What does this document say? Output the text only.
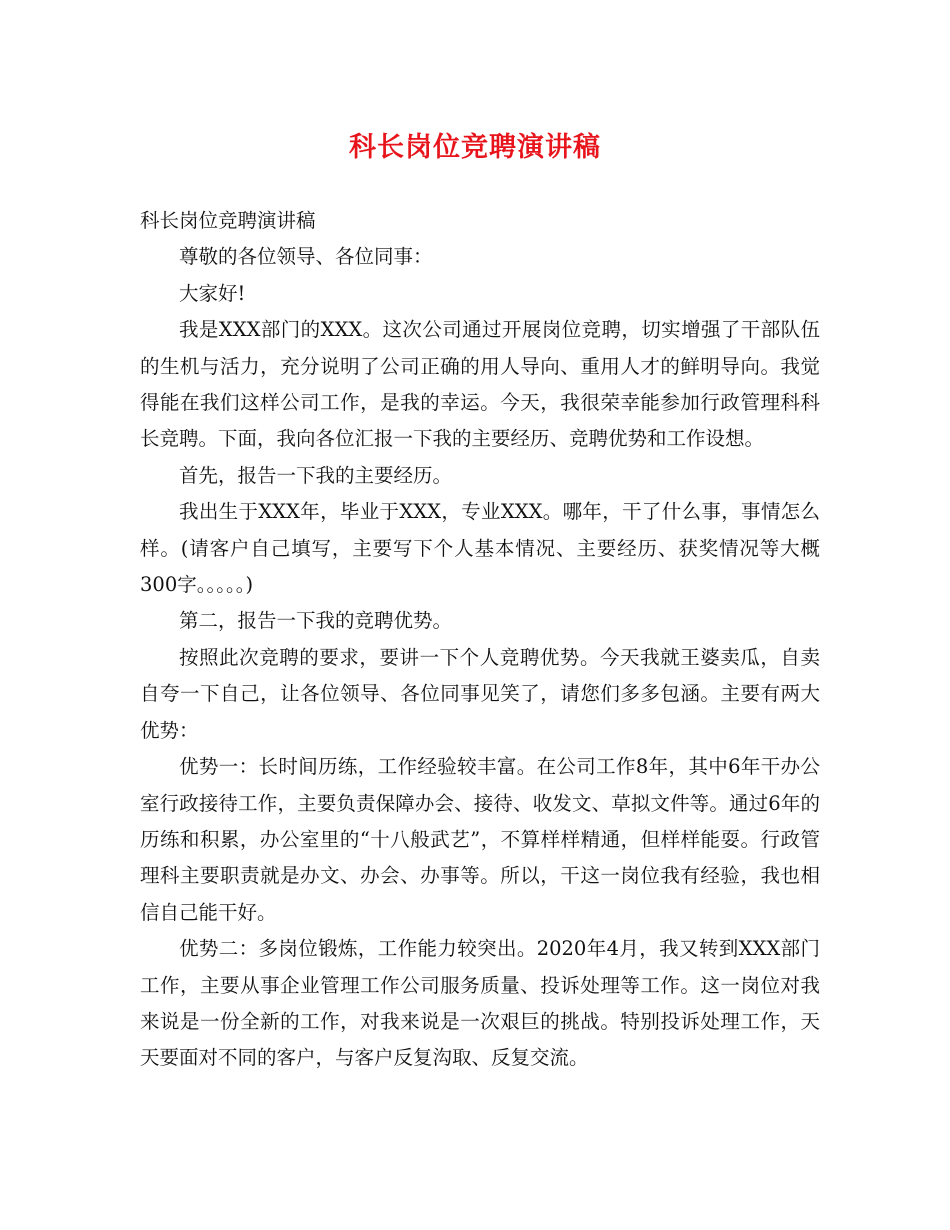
科长岗位竞聘演讲稿

科长岗位竞聘演讲稿

尊敬的各位领导、各位同事：

大家好!

我是XXX部门的XXX。这次公司通过开展岗位竞聘，切实增强了干部队伍的生机与活力，充分说明了公司正确的用人导向、重用人才的鲜明导向。我觉得能在我们这样公司工作，是我的幸运。今天，我很荣幸能参加行政管理科科长竞聘。下面，我向各位汇报一下我的主要经历、竞聘优势和工作设想。

首先，报告一下我的主要经历。

我出生于XXX年，毕业于XXX，专业XXX。哪年，干了什么事，事情怎么样。(请客户自己填写，主要写下个人基本情况、主要经历、获奖情况等大概300字。。。。。)

第二，报告一下我的竞聘优势。

按照此次竞聘的要求，要讲一下个人竞聘优势。今天我就王婆卖瓜，自卖自夸一下自己，让各位领导、各位同事见笑了，请您们多多包涵。主要有两大优势：

优势一：长时间历练，工作经验较丰富。在公司工作8年，其中6年干办公室行政接待工作，主要负责保障办会、接待、收发文、草拟文件等。通过6年的历练和积累，办公室里的“十八般武艺”，不算样样精通，但样样能耍。行政管理科主要职责就是办文、办会、办事等。所以，干这一岗位我有经验，我也相信自己能干好。

优势二：多岗位锻炼，工作能力较突出。2020年4月，我又转到XXX部门工作，主要从事企业管理工作公司服务质量、投诉处理等工作。这一岗位对我来说是一份全新的工作，对我来说是一次艰巨的挑战。特别投诉处理工作，天天要面对不同的客户，与客户反复沟取、反复交流。
